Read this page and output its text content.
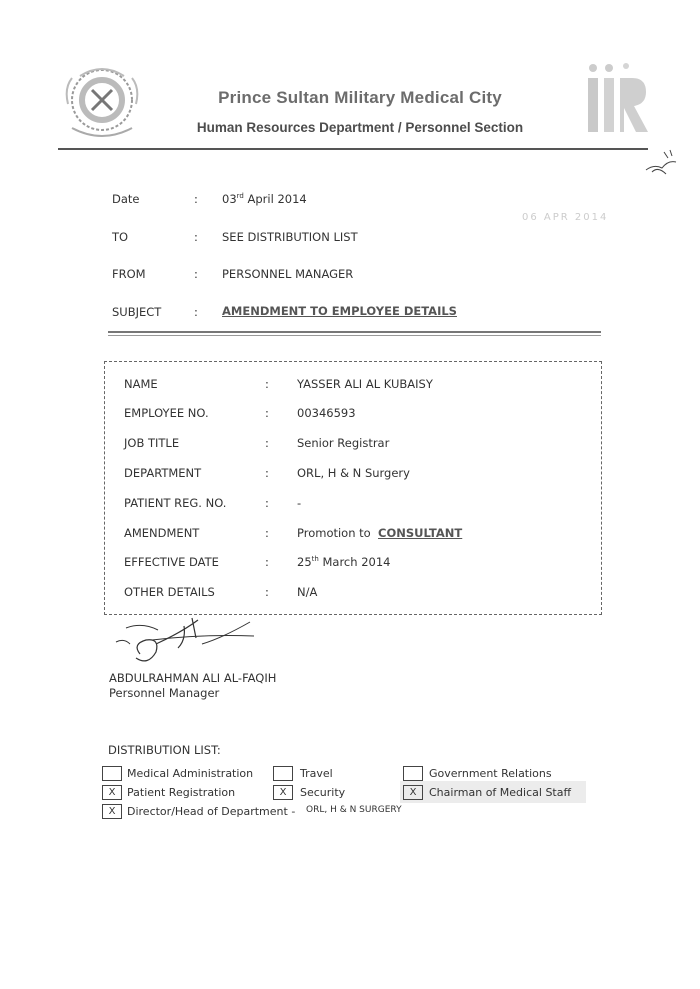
Prince Sultan Military Medical City
Human Resources Department / Personnel Section
Date	: 03rd April 2014
06 APR 2014
TO	: SEE DISTRIBUTION LIST
FROM	: PERSONNEL MANAGER
SUBJECT	: AMENDMENT TO EMPLOYEE DETAILS
NAME	: YASSER ALI AL KUBAISY
EMPLOYEE NO.	: 00346593
JOB TITLE	: Senior Registrar
DEPARTMENT	: ORL, H & N Surgery
PATIENT REG. NO.	: -
AMENDMENT	: Promotion to CONSULTANT
EFFECTIVE DATE	: 25th March 2014
OTHER DETAILS	: N/A
ABDULRAHMAN ALI AL-FAQIH
Personnel Manager
DISTRIBUTION LIST:
Medical Administration	Travel	Government Relations
X	Patient Registration	X	Security	X	Chairman of Medical Staff
X	Director/Head of Department - ORL, H & N SURGERY
